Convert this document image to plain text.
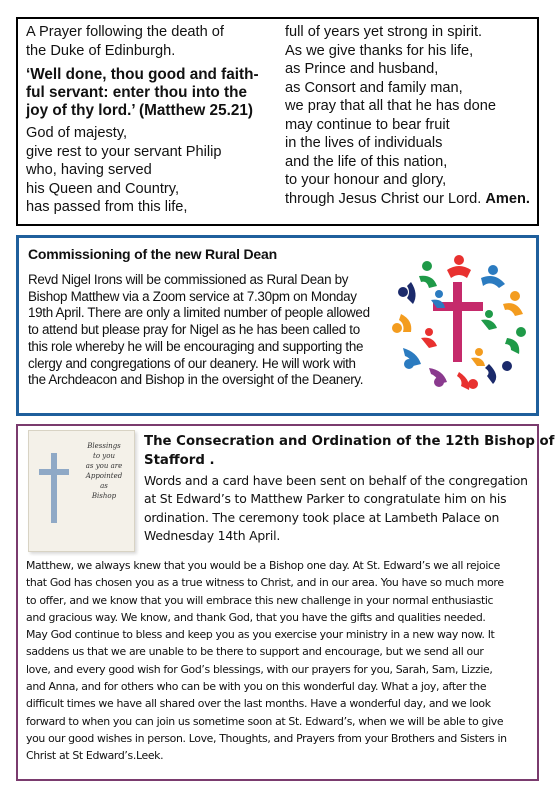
A Prayer following the death of
the Duke of Edinburgh.
‘Well done, thou good and faith-
ful servant: enter thou into the
joy of thy lord.’ (Matthew 25.21)
God of majesty,
give rest to your servant Philip
who, having served
his Queen and Country,
has passed from this life,
full of years yet strong in spirit.
As we give thanks for his life,
as Prince and husband,
as Consort and family man,
we pray that all that he has done
may continue to bear fruit
in the lives of individuals
and the life of this nation,
to your honour and glory,
through Jesus Christ our Lord. Amen.
Commissioning of the new Rural Dean
Revd Nigel Irons will be commissioned as Rural Dean by
Bishop Matthew via a Zoom service at 7.30pm on Monday
19th April. There are only a limited number of people allowed
to attend but please pray for Nigel as he has been called to
this role whereby he will be encouraging and supporting the
clergy and congregations of our deanery. He will work with
the Archdeacon and Bishop in the oversight of the Deanery.
Blessings
to you
as you are
Appointed
as
Bishop
The Consecration and Ordination of the 12th Bishop of
Stafford .
Words and a card have been sent on behalf of the congregation
at St Edward’s to Matthew Parker to congratulate him on his
ordination. The ceremony took place at Lambeth Palace on
Wednesday 14th April.
Matthew, we always knew that you would be a Bishop one day. At St. Edward’s we all rejoice
that God has chosen you as a true witness to Christ, and in our area. You have so much more
to offer, and we know that you will embrace this new challenge in your normal enthusiastic
and gracious way. We know, and thank God, that you have the gifts and qualities needed.
May God continue to bless and keep you as you exercise your ministry in a new way now. It
saddens us that we are unable to be there to support and encourage, but we send all our
love, and every good wish for God’s blessings, with our prayers for you, Sarah, Sam, Lizzie,
and Anna, and for others who can be with you on this wonderful day. What a joy, after the
difficult times we have all shared over the last months. Have a wonderful day, and we look
forward to when you can join us sometime soon at St. Edward’s, when we will be able to give
you our good wishes in person. Love, Thoughts, and Prayers from your Brothers and Sisters in
Christ at St Edward’s.Leek.
